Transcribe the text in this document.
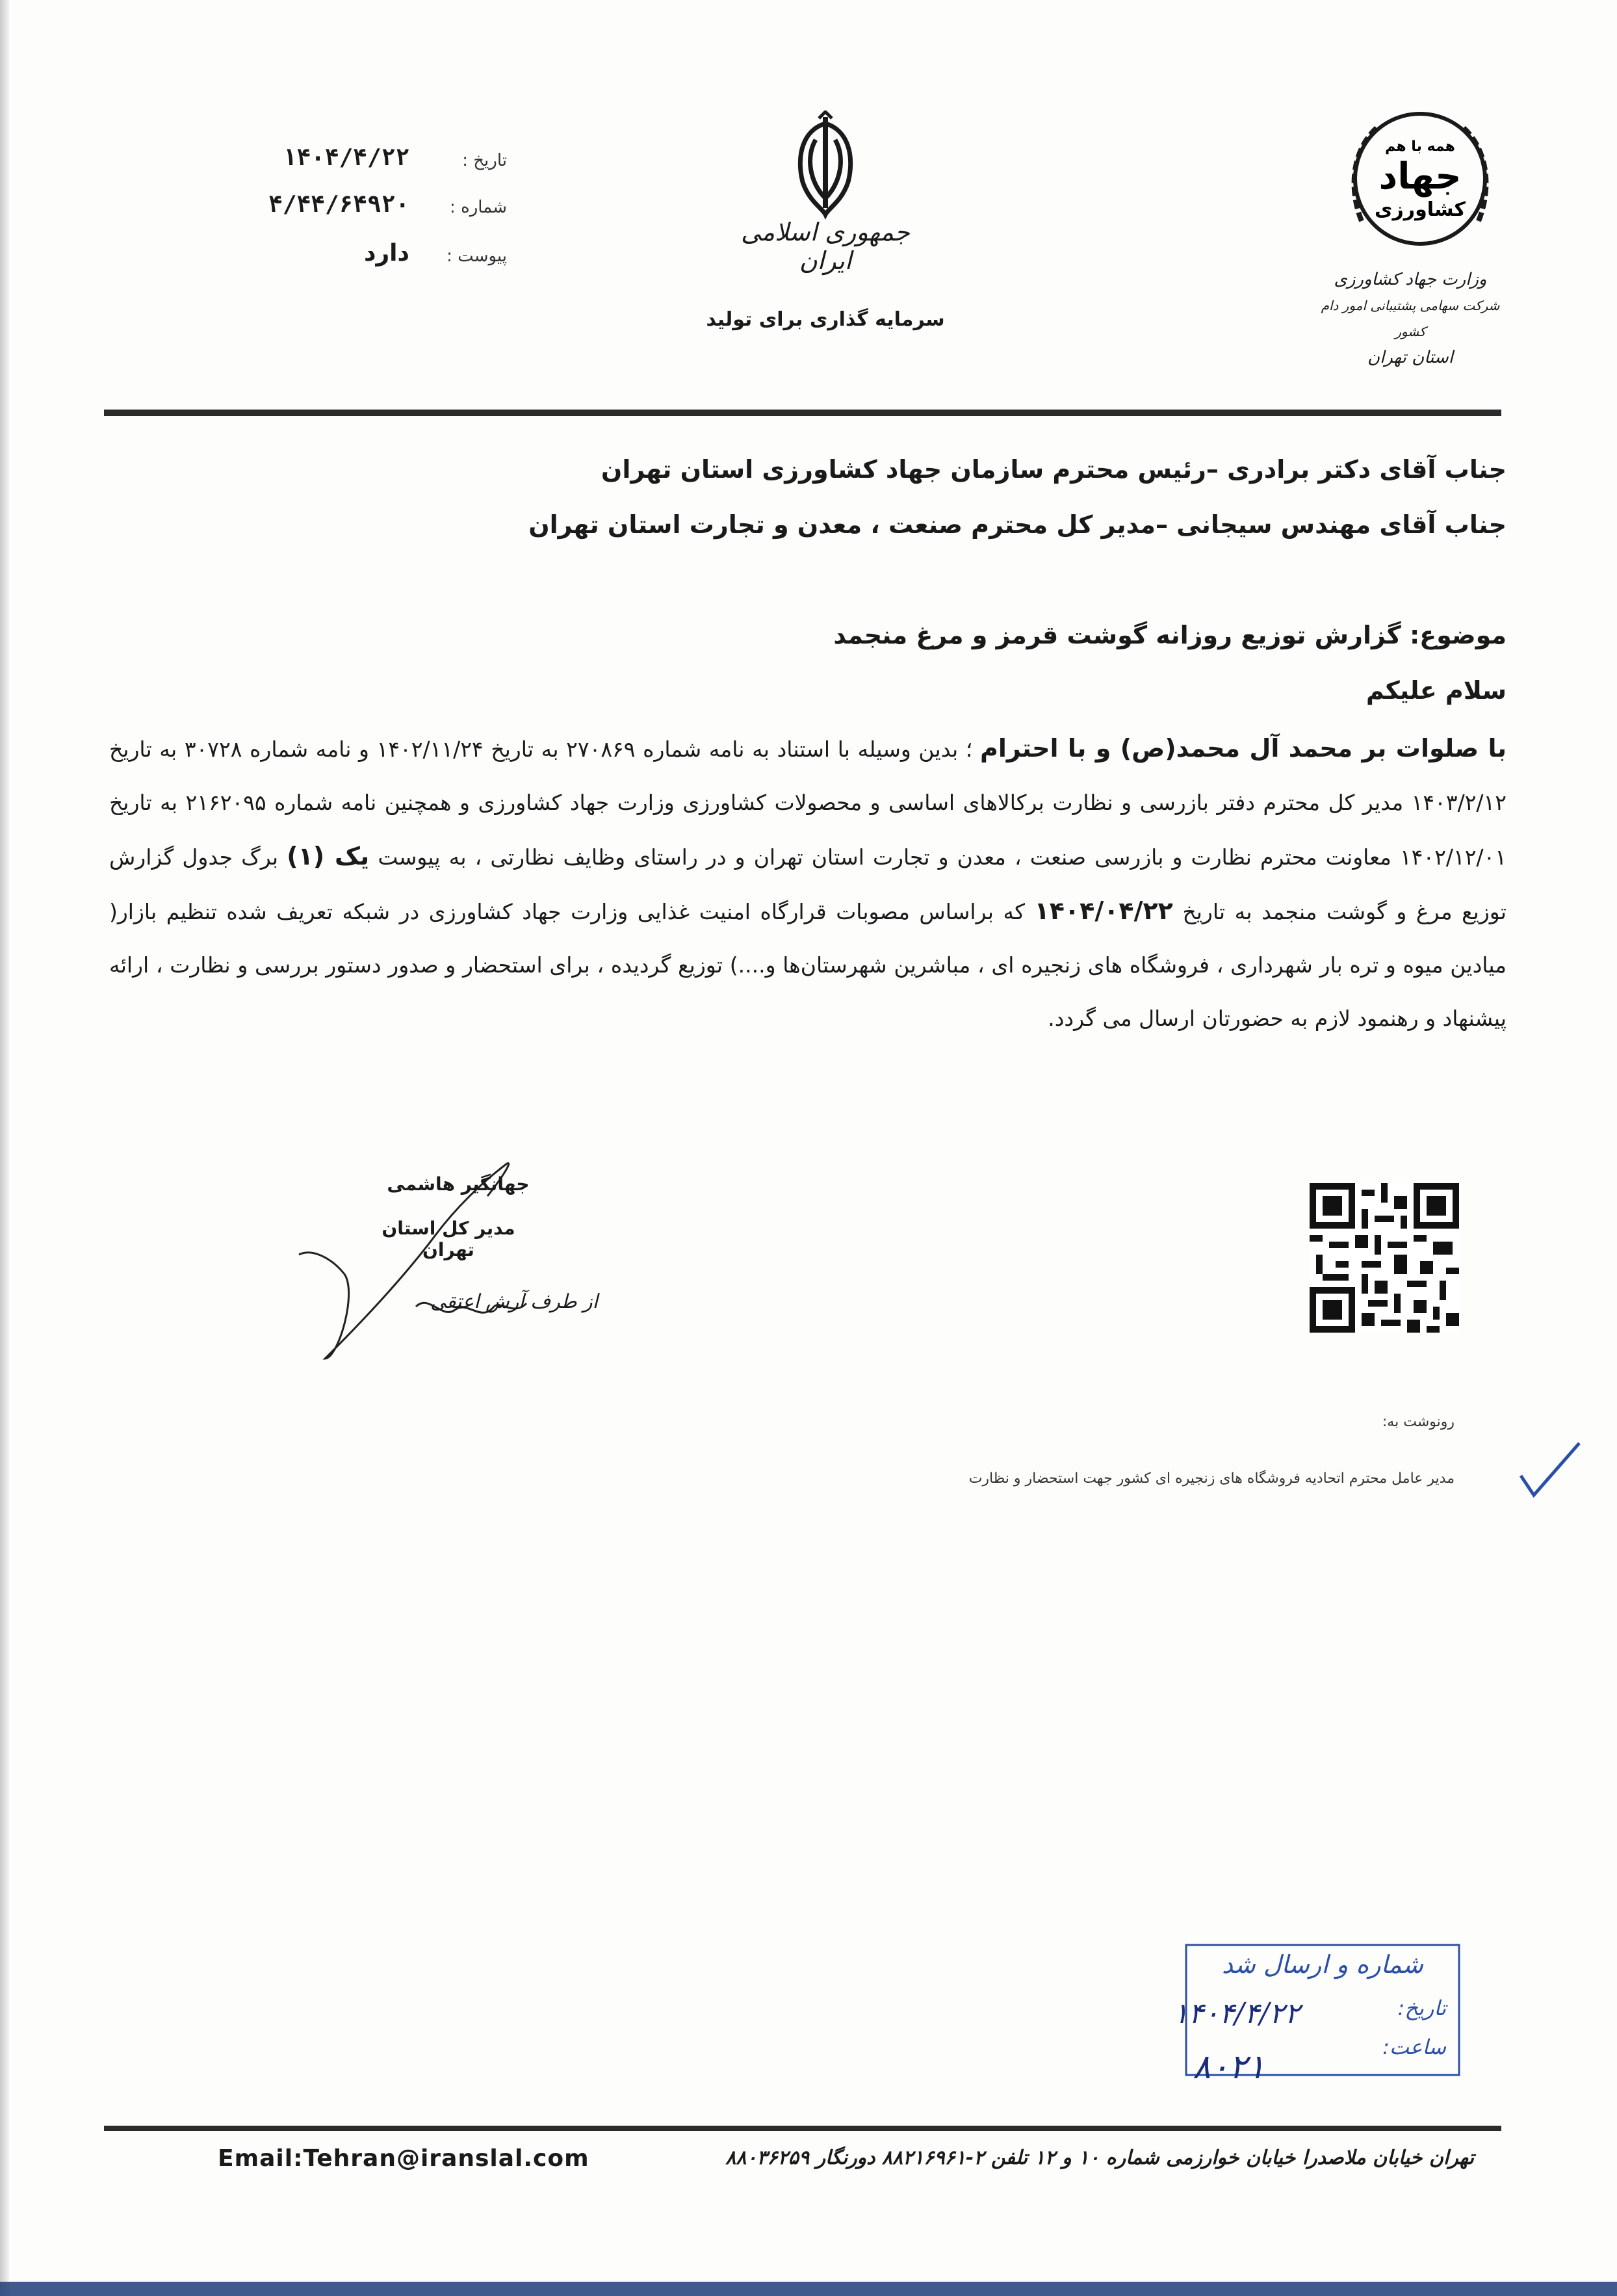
تاریخ :
۱۴۰۴/۴/۲۲
شماره :
۴/۴۴/۶۴۹۲۰
پیوست :
دارد
جمهوری اسلامی ایران
سرمایه گذاری برای تولید
همه با هم
جهاد
کشاورزی
وزارت جهاد کشاورزی
شرکت سهامی پشتیبانی امور دام کشور
استان تهران
جناب آقای دکتر برادری –رئیس محترم سازمان جهاد کشاورزی استان تهران
جناب آقای مهندس سیجانی –مدیر کل محترم صنعت ، معدن و تجارت استان تهران
موضوع: گزارش توزیع روزانه گوشت قرمز و مرغ منجمد
سلام علیکم
با صلوات بر محمد آل محمد(ص) و با احترام ؛ بدین وسیله با استناد به نامه شماره ۲۷۰۸۶۹ به تاریخ ۱۴۰۲/۱۱/۲۴ و نامه شماره ۳۰۷۲۸ به تاریخ ۱۴۰۳/۲/۱۲ مدیر کل محترم دفتر بازرسی و نظارت برکالاهای اساسی و محصولات کشاورزی وزارت جهاد کشاورزی و همچنین نامه شماره ۲۱۶۲۰۹۵ به تاریخ ۱۴۰۲/۱۲/۰۱ معاونت محترم نظارت و بازرسی صنعت ، معدن و تجارت استان تهران و در راستای وظایف نظارتی ، به پیوست یک (۱) برگ جدول گزارش توزیع مرغ و گوشت منجمد به تاریخ ۱۴۰۴/۰۴/۲۲ که براساس مصوبات قرارگاه امنیت غذایی وزارت جهاد کشاورزی در شبکه تعریف شده تنظیم بازار( میادین میوه و تره بار شهرداری ، فروشگاه های زنجیره ای ، مباشرین شهرستان‌ها و....) توزیع گردیده ، برای استحضار و صدور دستور بررسی و نظارت ، ارائه پیشنهاد و رهنمود لازم به حضورتان ارسال می گردد.
جهانگیر هاشمی
مدیر کل استان تهران
از طرف آرش اعتقی
رونوشت به:
مدیر عامل محترم اتحادیه فروشگاه های زنجیره ای کشور جهت استحضار و نظارت
شماره و ارسال شد
تاریخ:
۱۴۰۴/۴/۲۲
ساعت:
۸۰۲۱
Email:Tehran@iranslal.com	تهران خیابان ملاصدرا خیابان خوارزمی شماره ۱۰ و ۱۲ تلفن ۲-۸۸۲۱۶۹۶۱ دورنگار ۸۸۰۳۶۲۵۹
